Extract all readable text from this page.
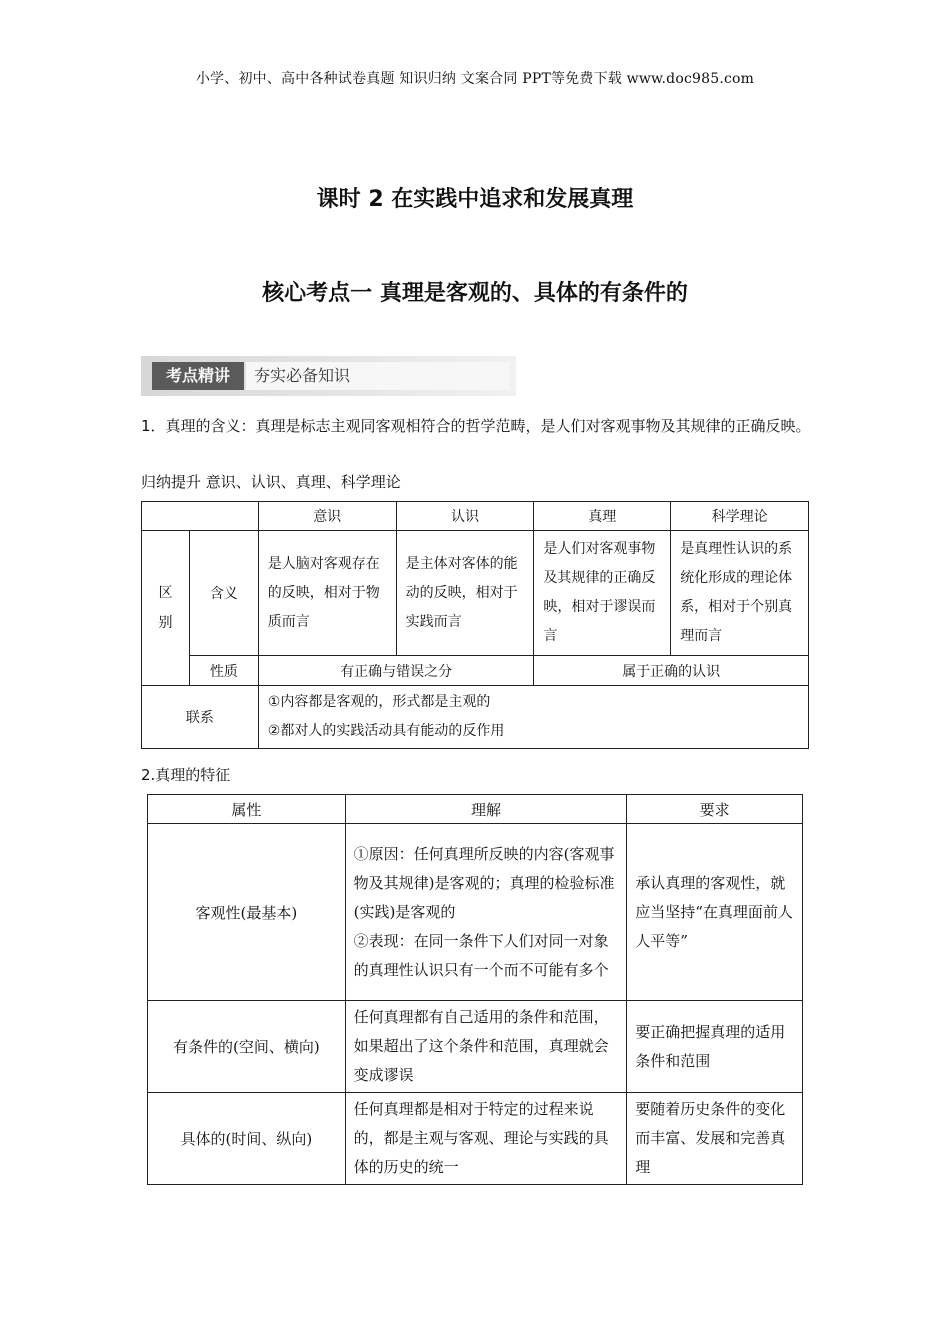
小学、初中、高中各种试卷真题 知识归纳 文案合同 PPT等免费下载 www.doc985.com
课时 2 在实践中追求和发展真理
核心考点一 真理是客观的、具体的有条件的
考点精讲	夯实必备知识
1．真理的含义：真理是标志主观同客观相符合的哲学范畴，是人们对客观事物及其规律的正确反映。
归纳提升 意识、认识、真理、科学理论
		意识	认识	真理	科学理论
区别	含义	是人脑对客观存在的反映，相对于物质而言	是主体对客体的能动的反映，相对于实践而言	是人们对客观事物及其规律的正确反映，相对于谬误而言	是真理性认识的系统化形成的理论体系，相对于个别真理而言
	性质	有正确与错误之分		属于正确的认识	
联系		①内容都是客观的，形式都是主观的
②都对人的实践活动具有能动的反作用			
2.真理的特征
属性	理解	要求
客观性(最基本)	①原因：任何真理所反映的内容(客观事物及其规律)是客观的；真理的检验标准(实践)是客观的
②表现：在同一条件下人们对同一对象的真理性认识只有一个而不可能有多个	承认真理的客观性，就应当坚持“在真理面前人人平等”
有条件的(空间、横向)	任何真理都有自己适用的条件和范围，如果超出了这个条件和范围，真理就会变成谬误	要正确把握真理的适用条件和范围
具体的(时间、纵向)	任何真理都是相对于特定的过程来说的，都是主观与客观、理论与实践的具体的历史的统一	要随着历史条件的变化而丰富、发展和完善真理
